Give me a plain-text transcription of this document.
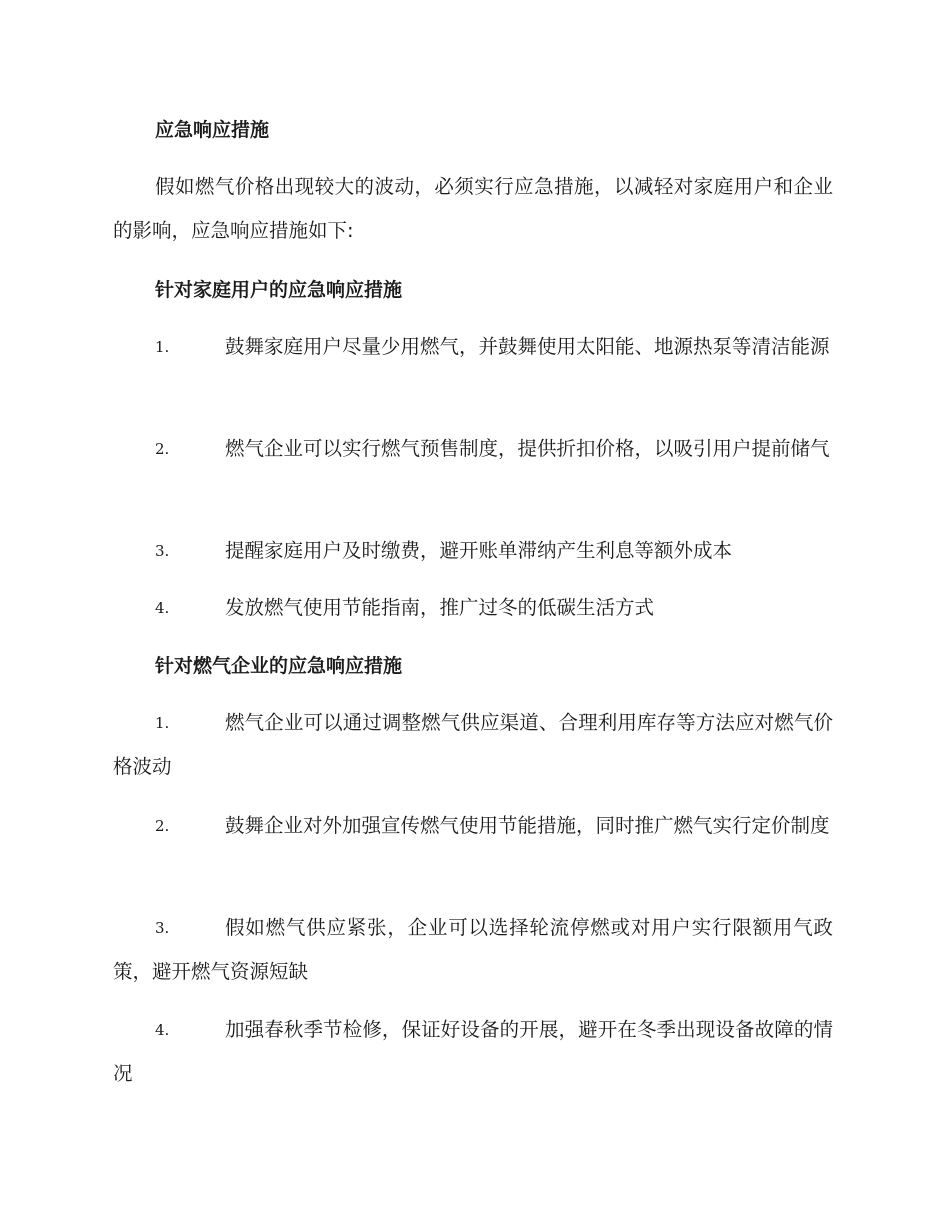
应急响应措施
假如燃气价格出现较大的波动，必须实行应急措施，以减轻对家庭用户和企业的影响，应急响应措施如下:
针对家庭用户的应急响应措施
1.	鼓舞家庭用户尽量少用燃气，并鼓舞使用太阳能、地源热泵等清洁能源
2.	燃气企业可以实行燃气预售制度，提供折扣价格，以吸引用户提前储气
3.	提醒家庭用户及时缴费，避开账单滞纳产生利息等额外成本
4.	发放燃气使用节能指南，推广过冬的低碳生活方式
针对燃气企业的应急响应措施
1.	燃气企业可以通过调整燃气供应渠道、合理利用库存等方法应对燃气价格波动
2.	鼓舞企业对外加强宣传燃气使用节能措施，同时推广燃气实行定价制度
3.	假如燃气供应紧张，企业可以选择轮流停燃或对用户实行限额用气政策，避开燃气资源短缺
4.	加强春秋季节检修，保证好设备的开展，避开在冬季出现设备故障的情况
